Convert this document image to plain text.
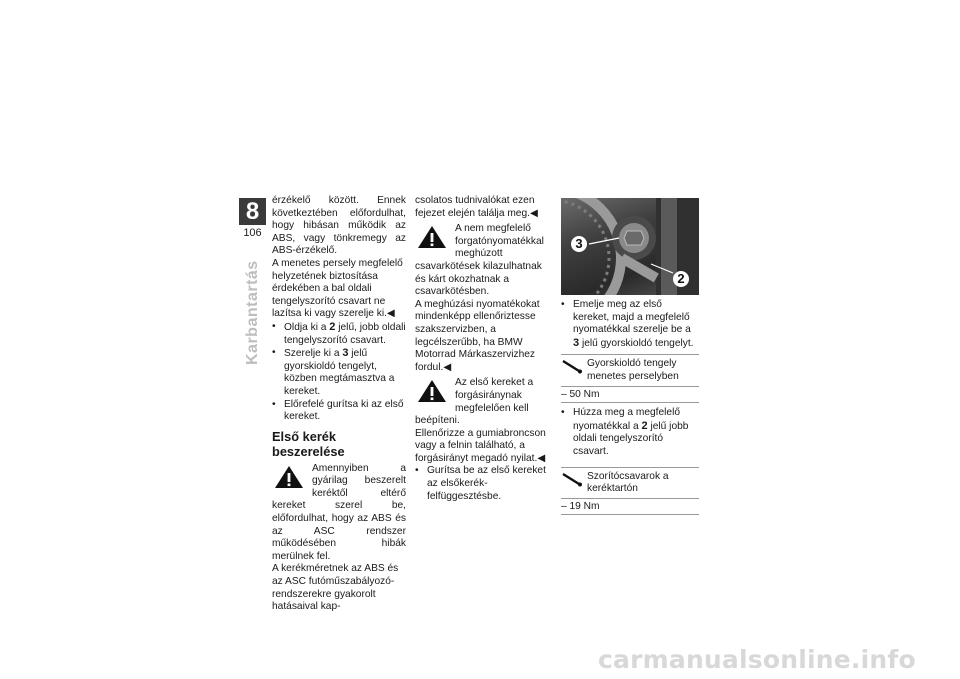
8
106
Karbantartás

érzékelő között. Ennek következtében előfordulhat, hogy hibásan működik az ABS, vagy tönkremegy az ABS-érzékelő.

A menetes persely megfelelő helyzetének biztosítása érdekében a bal oldali tengelyszorító csavart ne lazítsa ki vagy szerelje ki.◀

• Oldja ki a 2 jelű, jobb oldali tengelyszorító csavart.

• Szerelje ki a 3 jelű gyorskioldó tengelyt, közben megtámasztva a kereket.

• Előrefelé gurítsa ki az első kereket.

Első kerék beszerelése

Amennyiben a gyárilag beszerelt keréktől eltérő kereket szerel be, előfordulhat, hogy az ABS és az ASC rendszer működésében hibák merülnek fel.

A kerékméretnek az ABS és az ASC futóműszabályozó-rendszerekre gyakorolt hatásaival kap-

csolatos tudnivalókat ezen fejezet elején találja meg.◀

A nem megfelelő forgatónyomatékkal meghúzott csavarkötések kilazulhatnak és kárt okozhatnak a csavarkötésben.

A meghúzási nyomatékokat mindenképp ellenőriztesse szakszervizben, a legcélszerűbb, ha BMW Motorrad Márkaszervizhez fordul.◀

Az első kereket a forgásiránynak megfelelően kell beépíteni.

Ellenőrizze a gumiabroncson vagy a felnin található, a forgásirányt megadó nyilat.◀

• Gurítsa be az első kereket az elsőkerék-felfüggesztésbe.

3
2

• Emelje meg az első kereket, majd a megfelelő nyomatékkal szerelje be a 3 jelű gyorskioldó tengelyt.

Gyorskioldó tengely menetes perselyben
– 50 Nm

• Húzza meg a megfelelő nyomatékkal a 2 jelű jobb oldali tengelyszorító csavart.

Szorítócsavarok a keréktartón
– 19 Nm
carmanualsonline.info
